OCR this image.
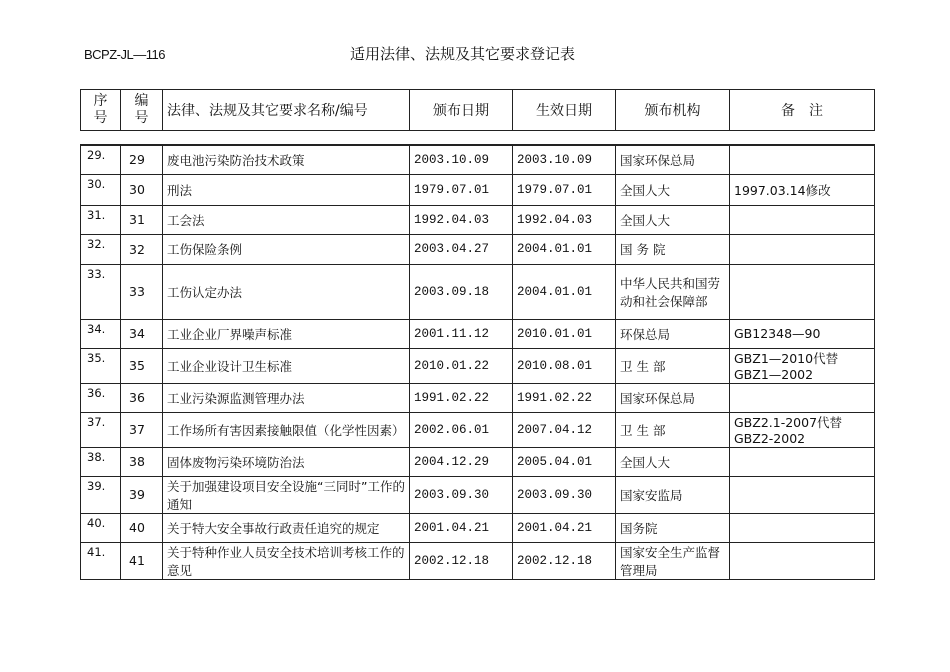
BCPZ-JL—116	适用法律、法规及其它要求登记表
序号	编号	法律、法规及其它要求名称/编号	颁布日期	生效日期	颁布机构	备　注
29.	29	废电池污染防治技术政策	2003.10.09	2003.10.09	国家环保总局	
30.	30	刑法	1979.07.01	1979.07.01	全国人大	1997.03.14修改
31.	31	工会法	1992.04.03	1992.04.03	全国人大	
32.	32	工伤保险条例	2003.04.27	2004.01.01	国 务 院	
33.	33	工伤认定办法	2003.09.18	2004.01.01	中华人民共和国劳动和社会保障部	
34.	34	工业企业厂界噪声标准	2001.11.12	2010.01.01	环保总局	GB12348—90
35.	35	工业企业设计卫生标准	2010.01.22	2010.08.01	卫 生 部	GBZ1—2010代替GBZ1—2002
36.	36	工业污染源监测管理办法	1991.02.22	1991.02.22	国家环保总局	
37.	37	工作场所有害因素接触限值（化学性因素）	2002.06.01	2007.04.12	卫 生 部	GBZ2.1-2007代替GBZ2-2002
38.	38	固体废物污染环境防治法	2004.12.29	2005.04.01	全国人大	
39.	39	关于加强建设项目安全设施“三同时”工作的通知	2003.09.30	2003.09.30	国家安监局	
40.	40	关于特大安全事故行政责任追究的规定	2001.04.21	2001.04.21	国务院	
41.	41	关于特种作业人员安全技术培训考核工作的意见	2002.12.18	2002.12.18	国家安全生产监督管理局	
